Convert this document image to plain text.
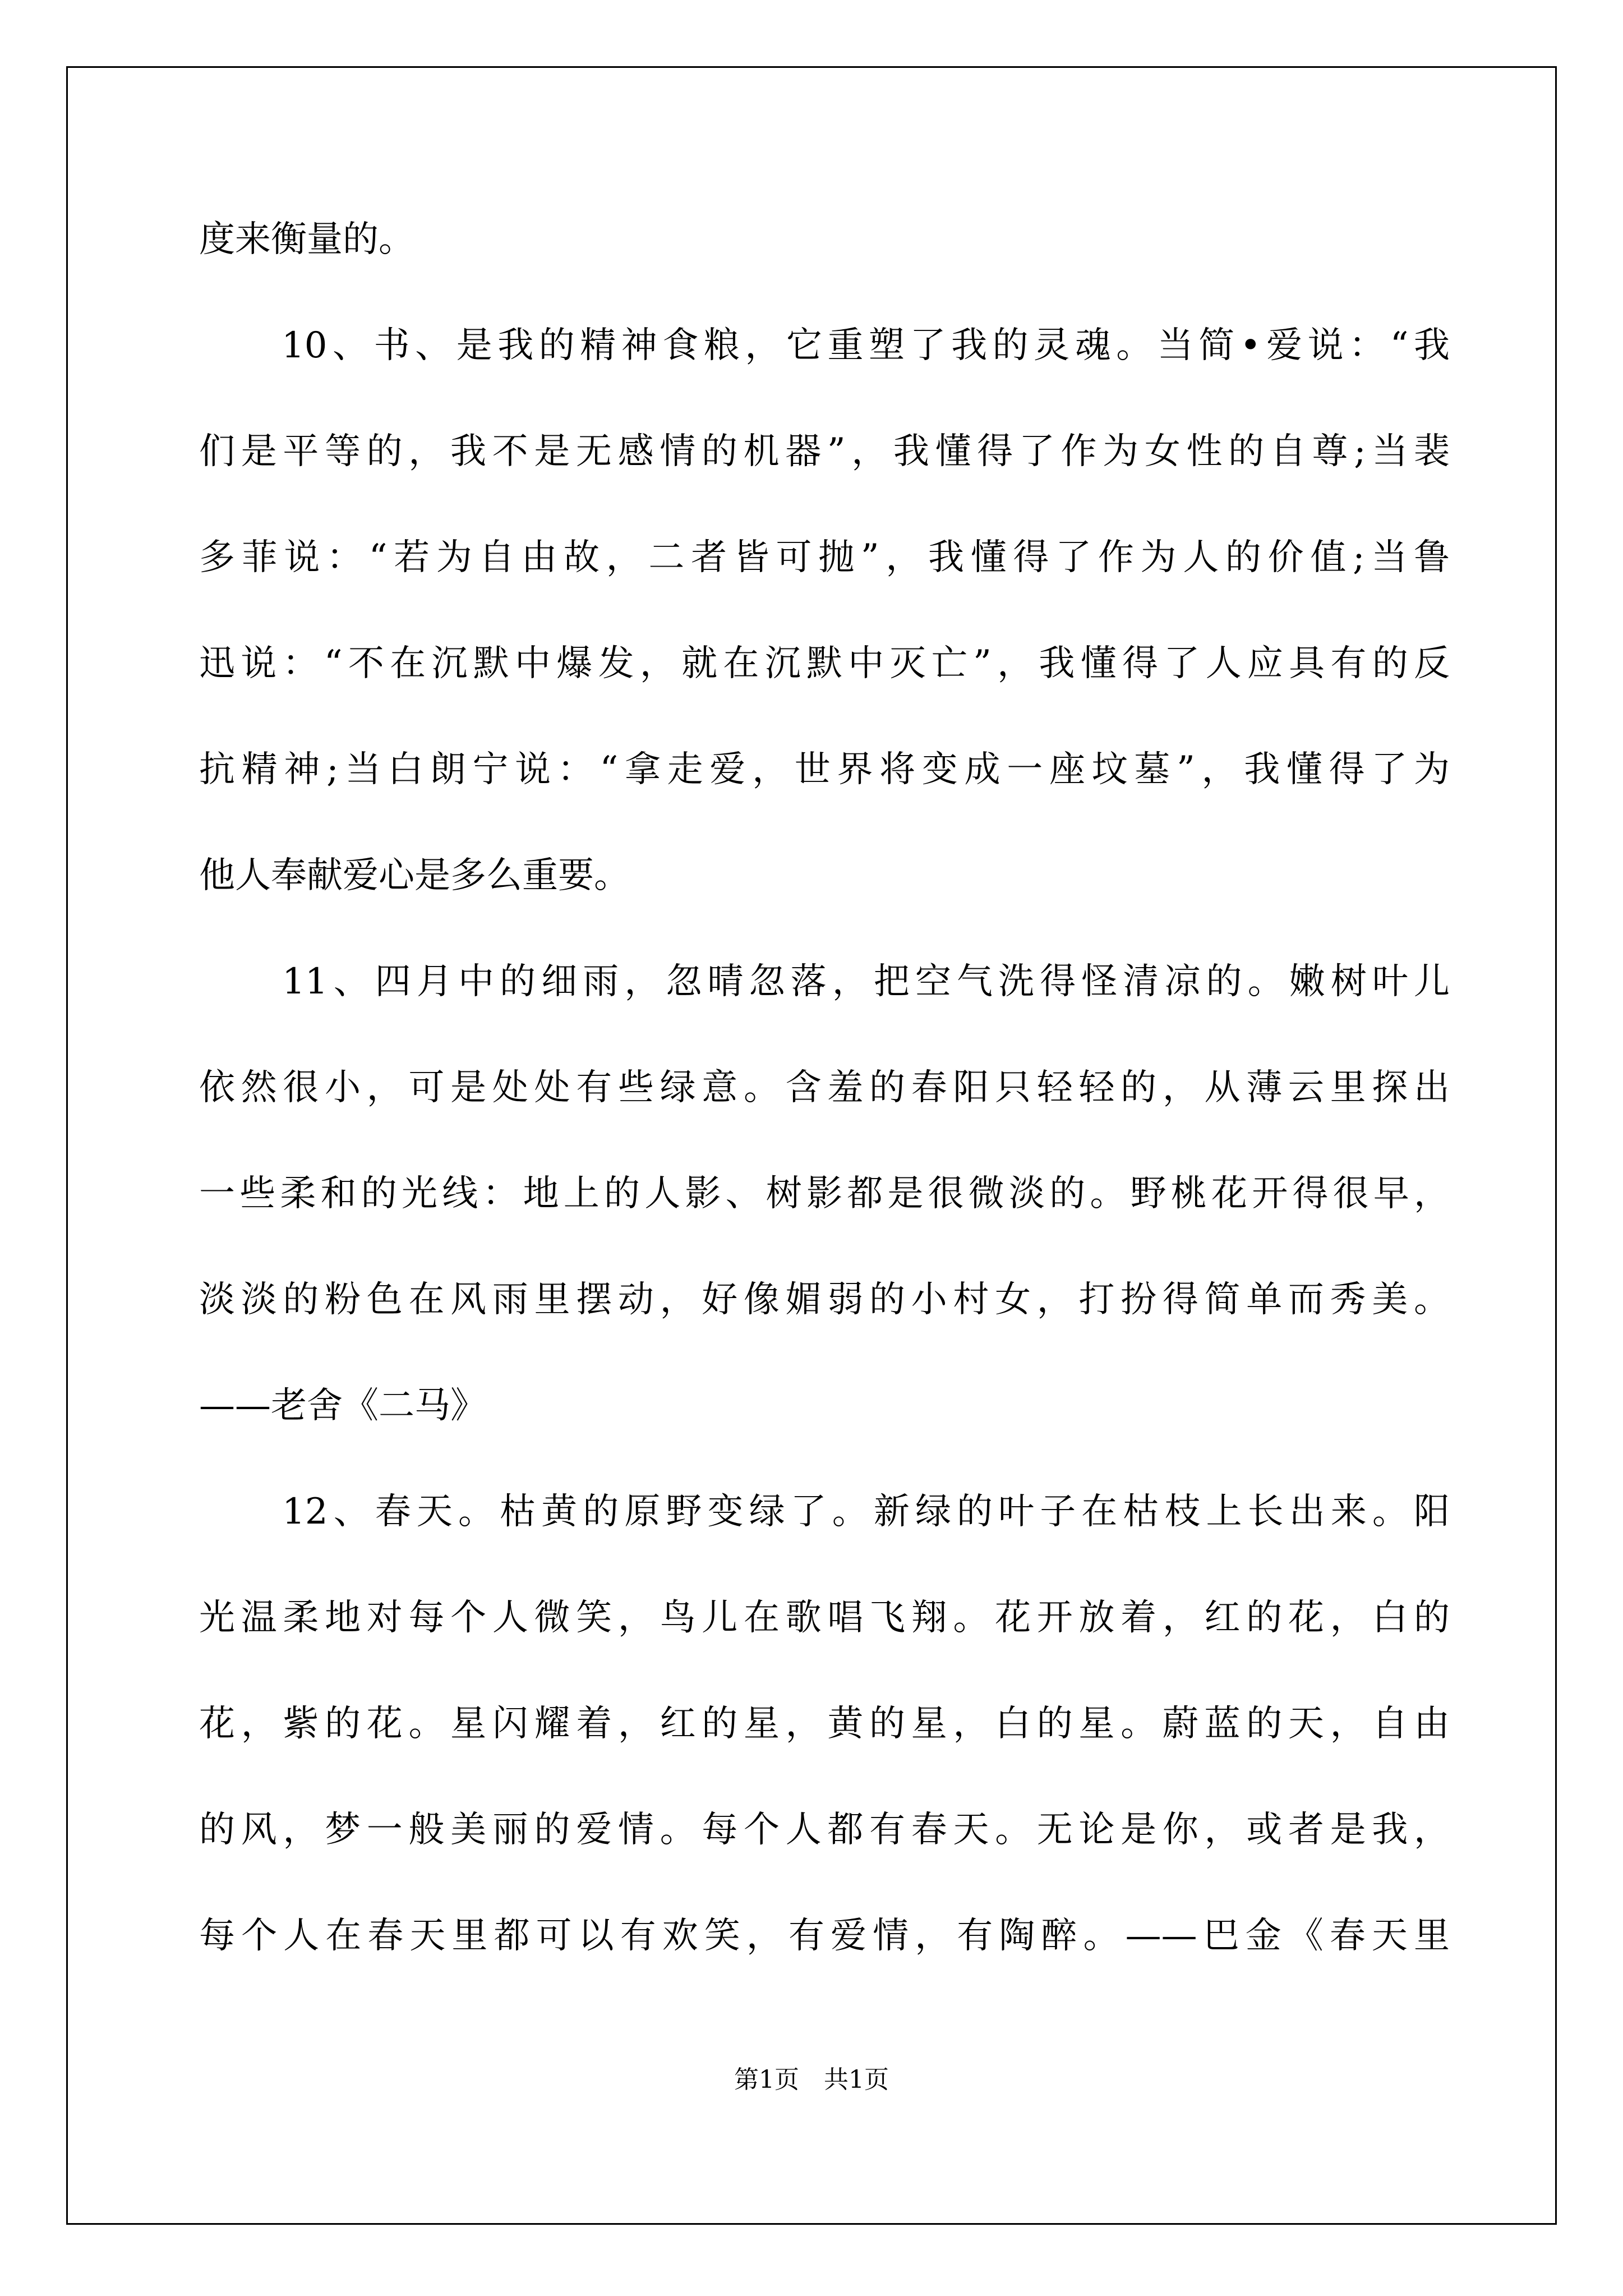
度来衡量的。
　　10、书、是我的精神食粮，它重塑了我的灵魂。当简•爱说：“我
们是平等的，我不是无感情的机器”，我懂得了作为女性的自尊;当裴
多菲说：“若为自由故，二者皆可抛”，我懂得了作为人的价值;当鲁
迅说：“不在沉默中爆发，就在沉默中灭亡”，我懂得了人应具有的反
抗精神;当白朗宁说：“拿走爱，世界将变成一座坟墓”，我懂得了为
他人奉献爱心是多么重要。
　　11、四月中的细雨，忽晴忽落，把空气洗得怪清凉的。嫩树叶儿
依然很小，可是处处有些绿意。含羞的春阳只轻轻的，从薄云里探出
一些柔和的光线：地上的人影、树影都是很微淡的。野桃花开得很早，
淡淡的粉色在风雨里摆动，好像媚弱的小村女，打扮得简单而秀美。
——老舍《二马》
　　12、春天。枯黄的原野变绿了。新绿的叶子在枯枝上长出来。阳
光温柔地对每个人微笑，鸟儿在歌唱飞翔。花开放着，红的花，白的
花，紫的花。星闪耀着，红的星，黄的星，白的星。蔚蓝的天，自由
的风，梦一般美丽的爱情。每个人都有春天。无论是你，或者是我，
每个人在春天里都可以有欢笑，有爱情，有陶醉。——巴金《春天里
第1页　共1页
